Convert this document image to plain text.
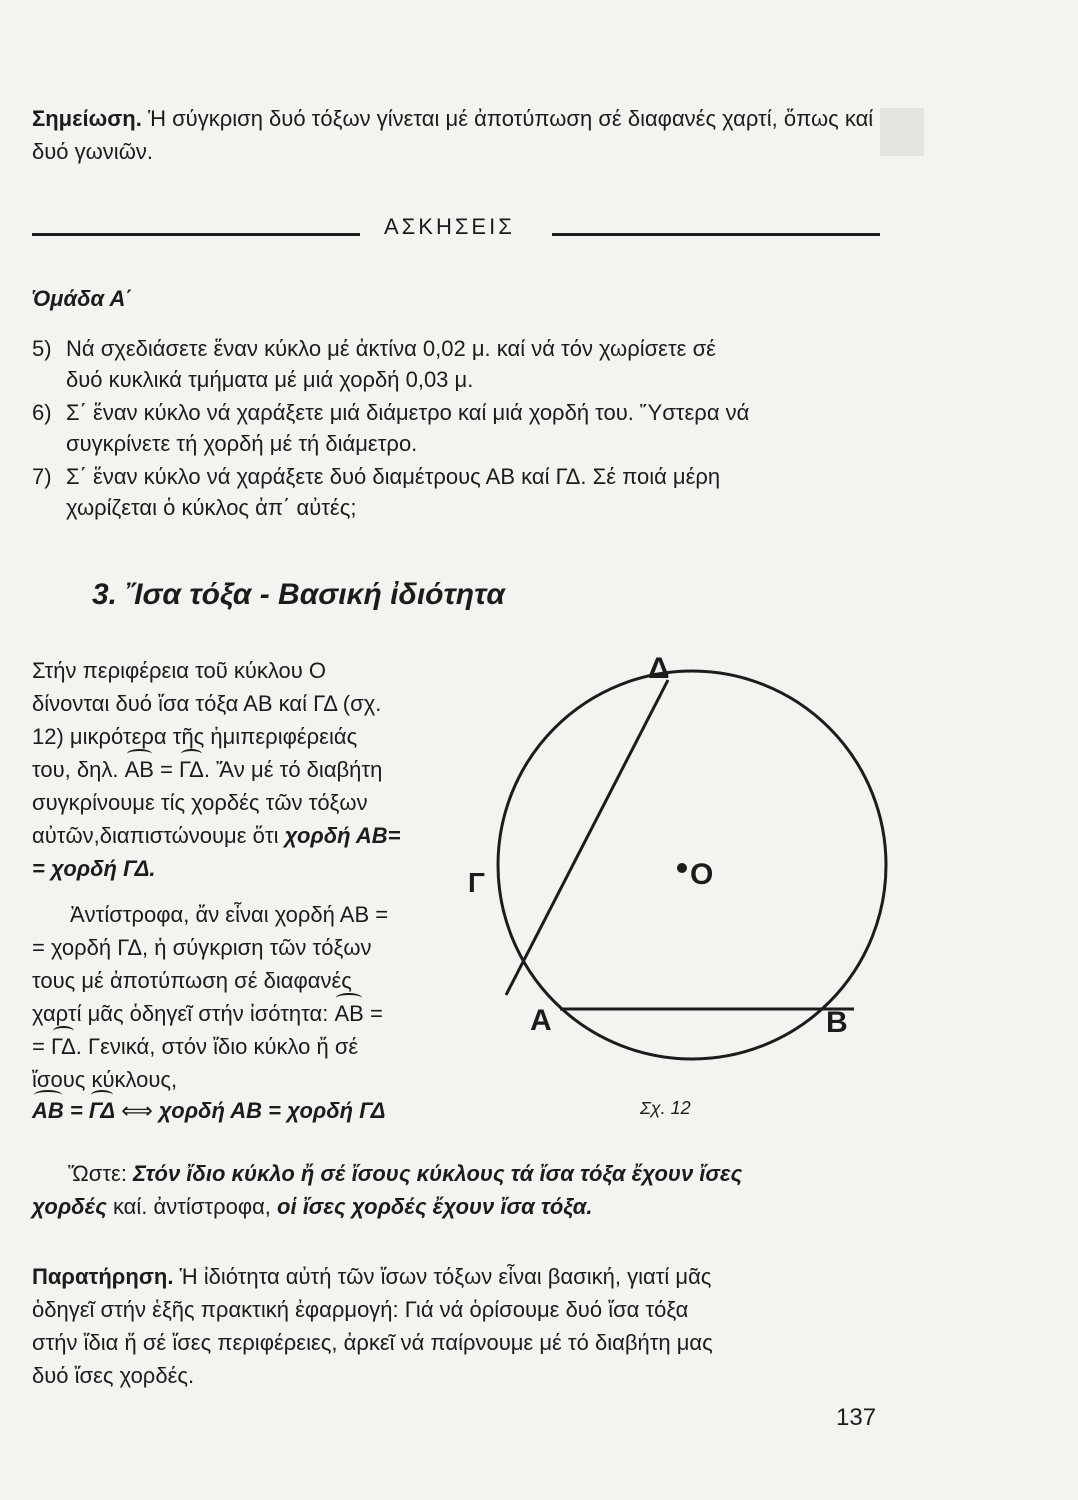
Σημείωση. Ἡ σύγκριση δυό τόξων γίνεται μέ ἀποτύπωση σέ διαφανές χαρτί, ὅπως καί δυό γωνιῶν.
ΑΣΚΗΣΕΙΣ
Ὁμάδα Α΄
5) Νά σχεδιάσετε ἕναν κύκλο μέ ἀκτίνα 0,02 μ. καί νά τόν χωρίσετε σέ
δυό κυκλικά τμήματα μέ μιά χορδή 0,03 μ.
6) Σ΄ ἕναν κύκλο νά χαράξετε μιά διάμετρο καί μιά χορδή του. Ὕστερα νά
συγκρίνετε τή χορδή μέ τή διάμετρο.
7) Σ΄ ἕναν κύκλο νά χαράξετε δυό διαμέτρους ΑΒ καί ΓΔ. Σέ ποιά μέρη
χωρίζεται ὁ κύκλος ἀπ΄ αὐτές;
3. Ἴσα τόξα - Βασική ἰδιότητα
Στήν περιφέρεια τοῦ κύκλου Ο
δίνονται δυό ἴσα τόξα ΑΒ καί ΓΔ (σχ.
12) μικρότερα τῆς ἡμιπεριφέρειάς
του, δηλ. ΑΒ = ΓΔ. Ἄν μέ τό διαβήτη
συγκρίνουμε τίς χορδές τῶν τόξων
αὐτῶν,διαπιστώνουμε ὅτι χορδή ΑΒ=
= χορδή ΓΔ.
Ἀντίστροφα, ἄν εἶναι χορδή ΑΒ =
= χορδή ΓΔ, ἡ σύγκριση τῶν τόξων
τους μέ ἀποτύπωση σέ διαφανές
χαρτί μᾶς ὁδηγεῖ στήν ἰσότητα: ΑΒ =
= ΓΔ. Γενικά, στόν ἴδιο κύκλο ἤ σέ
ἴσους κύκλους,
ΑΒ = ΓΔ ⟺ χορδή ΑΒ = χορδή ΓΔ
Δ
Γ	Ο
Α	Β
Σχ. 12
Ὥστε: Στόν ἴδιο κύκλο ἤ σέ ἴσους κύκλους τά ἴσα τόξα ἔχουν ἴσες
χορδές καί. ἀντίστροφα, οἱ ἴσες χορδές ἔχουν ἴσα τόξα.
Παρατήρηση. Ἡ ἰδιότητα αὐτή τῶν ἴσων τόξων εἶναι βασική, γιατί μᾶς
ὁδηγεῖ στήν ἑξῆς πρακτική ἐφαρμογή: Γιά νά ὁρίσουμε δυό ἴσα τόξα
στήν ἴδια ἤ σέ ἴσες περιφέρειες, ἀρκεῖ νά παίρνουμε μέ τό διαβήτη μας
δυό ἴσες χορδές.
137
